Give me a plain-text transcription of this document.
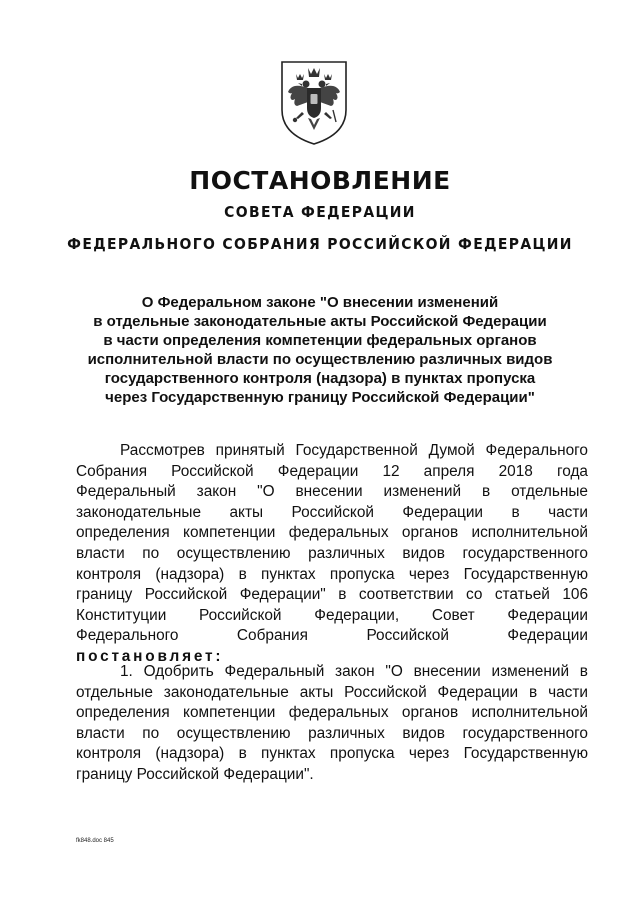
ПОСТАНОВЛЕНИЕ
СОВЕТА ФЕДЕРАЦИИ
ФЕДЕРАЛЬНОГО СОБРАНИЯ РОССИЙСКОЙ ФЕДЕРАЦИИ
О Федеральном законе "О внесении изменений
в отдельные законодательные акты Российской Федерации
в части определения компетенции федеральных органов
исполнительной власти по осуществлению различных видов
государственного контроля (надзора) в пунктах пропуска
через Государственную границу Российской Федерации"
Рассмотрев принятый Государственной Думой Федерального
Собрания Российской Федерации 12 апреля 2018 года
Федеральный закон "О внесении изменений в отдельные
законодательные акты Российской Федерации в части
определения компетенции федеральных органов исполнительной
власти по осуществлению различных видов государственного
контроля (надзора) в пунктах пропуска через Государственную
границу Российской Федерации" в соответствии со статьей 106
Конституции Российской Федерации, Совет Федерации
Федерального Собрания Российской Федерации
постановляет:
1. Одобрить Федеральный закон "О внесении изменений в
отдельные законодательные акты Российской Федерации в части
определения компетенции федеральных органов исполнительной
власти по осуществлению различных видов государственного
контроля (надзора) в пунктах пропуска через Государственную
границу Российской Федерации".
fk848.doc 845
